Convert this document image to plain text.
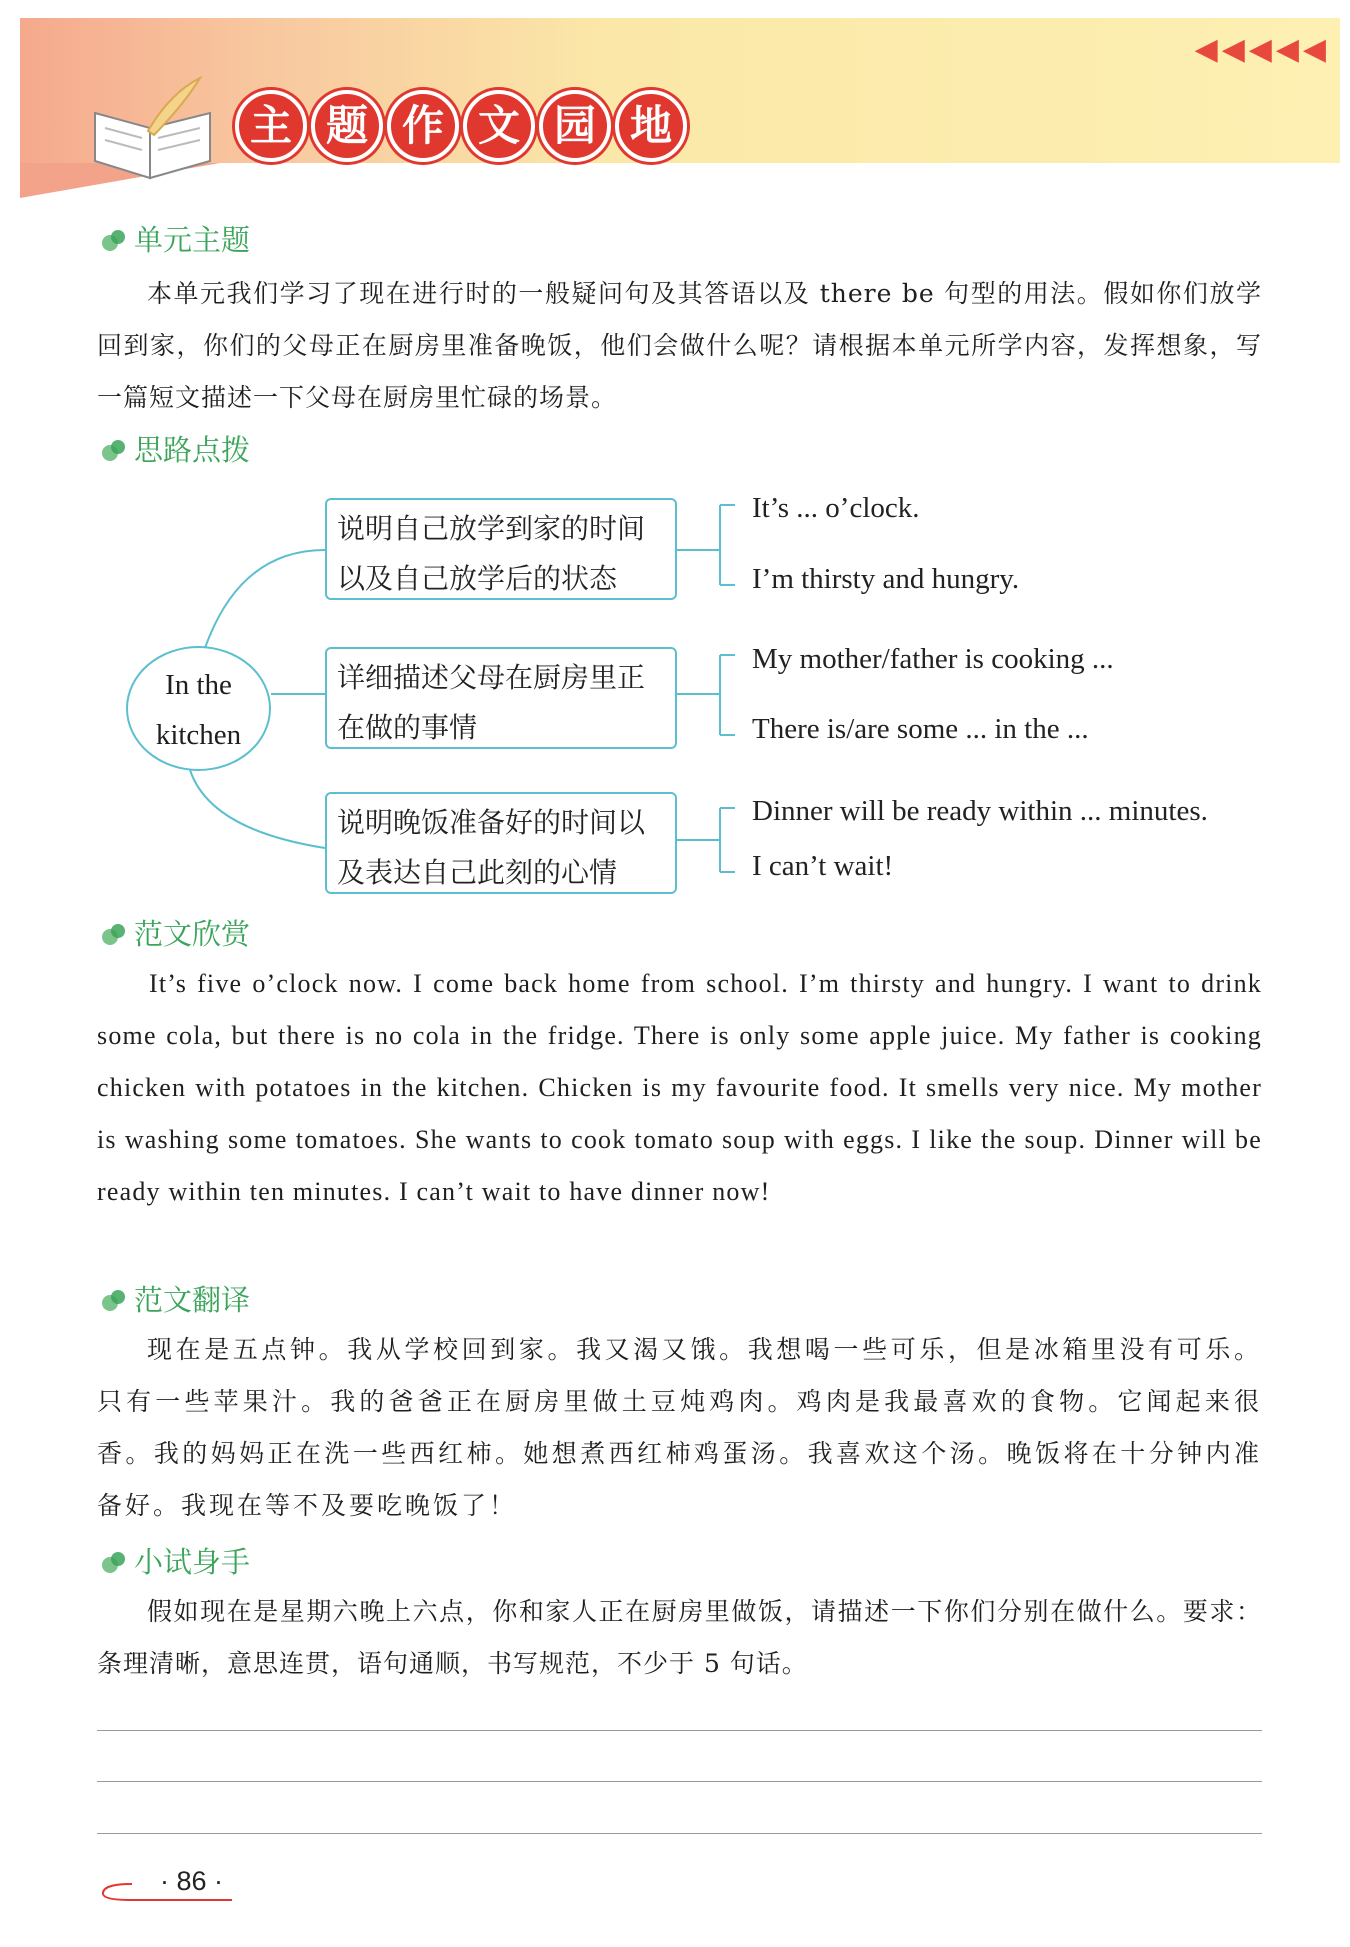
◀◀◀◀◀
主 题 作 文 园 地
单元主题
本单元我们学习了现在进行时的一般疑问句及其答语以及 there be 句型的用法。假如你们放学回到家，你们的父母正在厨房里准备晚饭，他们会做什么呢？请根据本单元所学内容，发挥想象，写一篇短文描述一下父母在厨房里忙碌的场景。
思路点拨
In the
kitchen
说明自己放学到家的时间
以及自己放学后的状态
详细描述父母在厨房里正
在做的事情
说明晚饭准备好的时间以
及表达自己此刻的心情
It’s ... o’clock.
I’m thirsty and hungry.
My mother/father is cooking ...
There is/are some ... in the ...
Dinner will be ready within ... minutes.
I can’t wait!
范文欣赏
It’s five o’clock now. I come back home from school. I’m thirsty and hungry. I want to drink some cola, but there is no cola in the fridge. There is only some apple juice. My father is cooking chicken with potatoes in the kitchen. Chicken is my favourite food. It smells very nice. My mother is washing some tomatoes. She wants to cook tomato soup with eggs. I like the soup. Dinner will be ready within ten minutes. I can’t wait to have dinner now!
范文翻译
现在是五点钟。我从学校回到家。我又渴又饿。我想喝一些可乐，但是冰箱里没有可乐。只有一些苹果汁。我的爸爸正在厨房里做土豆炖鸡肉。鸡肉是我最喜欢的食物。它闻起来很香。我的妈妈正在洗一些西红柿。她想煮西红柿鸡蛋汤。我喜欢这个汤。晚饭将在十分钟内准备好。我现在等不及要吃晚饭了！
小试身手
假如现在是星期六晚上六点，你和家人正在厨房里做饭，请描述一下你们分别在做什么。要求：条理清晰，意思连贯，语句通顺，书写规范，不少于 5 句话。
· 86 ·
